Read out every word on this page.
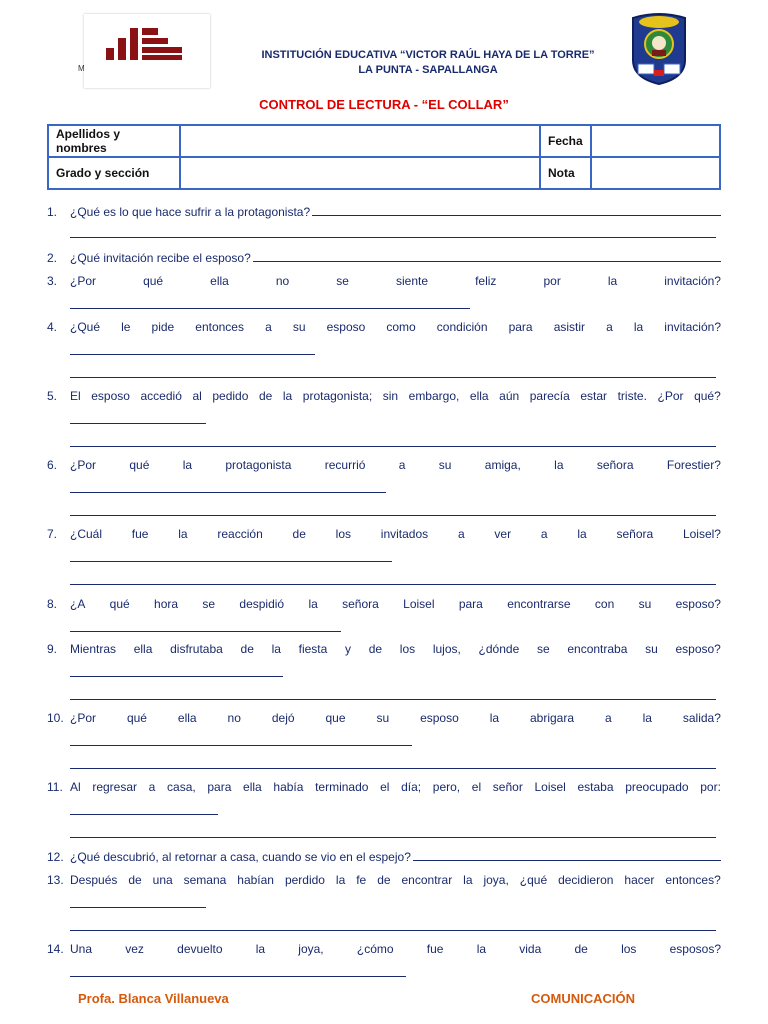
M
INSTITUCIÓN EDUCATIVA “VICTOR RAÚL HAYA DE LA TORRE”
LA PUNTA - SAPALLANGA
CONTROL DE LECTURA - “EL COLLAR”
Apellidos y nombres		Fecha	
Grado y sección		Nota	
1. ¿Qué es lo que hace sufrir a la protagonista?
2. ¿Qué invitación recibe el esposo?
3. ¿Por	qué	ella	no	se	siente	feliz	por	la	invitación?
4. ¿Qué le pide entonces a su esposo como condición para asistir a la invitación?
5. El esposo accedió al pedido de la protagonista; sin embargo, ella aún parecía estar triste. ¿Por qué?
6. ¿Por	qué	la	protagonista	recurrió	a	su	amiga,	la	señora	Forestier?
7. ¿Cuál fue la reacción de los invitados a ver a la señora Loisel?
8. ¿A qué hora se despidió la señora Loisel para encontrarse con su esposo?
9. Mientras ella disfrutaba de la fiesta y de los lujos, ¿dónde se encontraba su esposo?
10. ¿Por	qué	ella	no	dejó	que	su	esposo	la	abrigara	a	la	salida?
11. Al regresar a casa, para ella había terminado el día; pero, el señor Loisel estaba preocupado por:
12. ¿Qué descubrió, al retornar a casa, cuando se vio en el espejo?
13. Después de una semana habían perdido la fe de encontrar la joya, ¿qué decidieron hacer entonces?
14. Una	vez	devuelto	la	joya,	¿cómo	fue	la	vida	de	los	esposos?
Profa. Blanca Villanueva	COMUNICACIÓN
